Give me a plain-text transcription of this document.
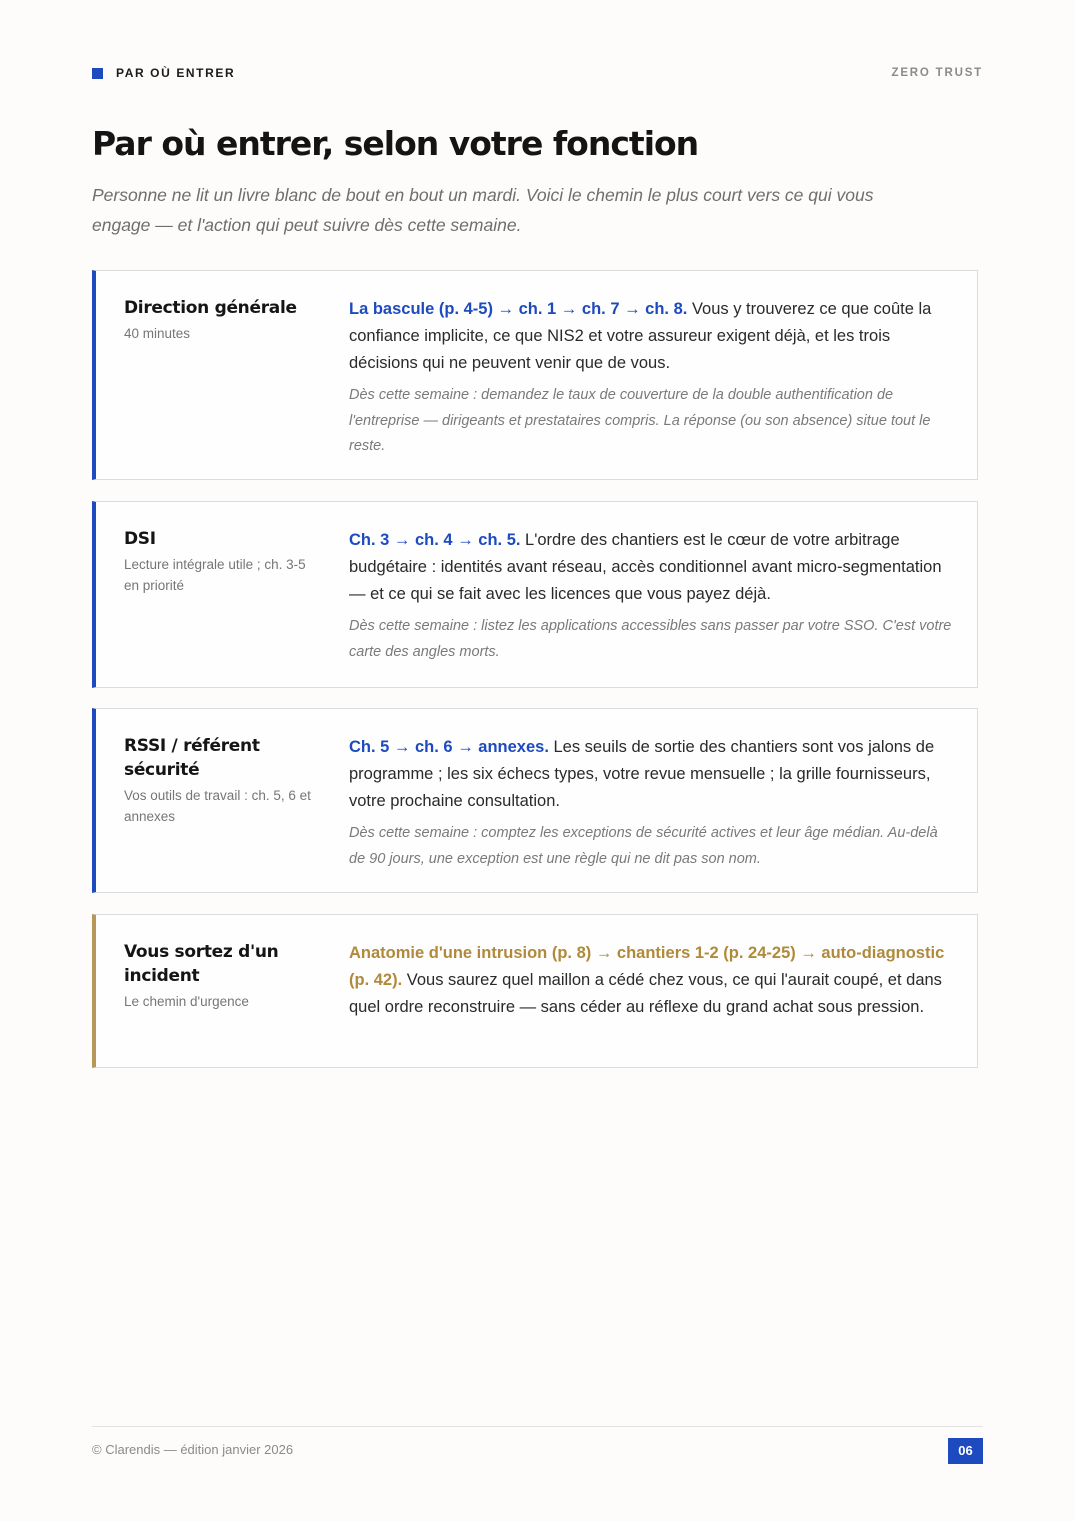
PAR OÙ ENTRER	ZERO TRUST
Par où entrer, selon votre fonction

Personne ne lit un livre blanc de bout en bout un mardi. Voici le chemin le plus court vers ce qui vous engage — et l'action qui peut suivre dès cette semaine.

Direction générale
40 minutes
La bascule (p. 4-5) → ch. 1 → ch. 7 → ch. 8. Vous y trouverez ce que coûte la confiance implicite, ce que NIS2 et votre assureur exigent déjà, et les trois décisions qui ne peuvent venir que de vous.
Dès cette semaine : demandez le taux de couverture de la double authentification de l'entreprise — dirigeants et prestataires compris. La réponse (ou son absence) situe tout le reste.
DSI
Lecture intégrale utile ; ch. 3-5 en priorité
Ch. 3 → ch. 4 → ch. 5. L'ordre des chantiers est le cœur de votre arbitrage budgétaire : identités avant réseau, accès conditionnel avant micro-segmentation — et ce qui se fait avec les licences que vous payez déjà.
Dès cette semaine : listez les applications accessibles sans passer par votre SSO. C'est votre carte des angles morts.
RSSI / référent sécurité
Vos outils de travail : ch. 5, 6 et annexes
Ch. 5 → ch. 6 → annexes. Les seuils de sortie des chantiers sont vos jalons de programme ; les six échecs types, votre revue mensuelle ; la grille fournisseurs, votre prochaine consultation.
Dès cette semaine : comptez les exceptions de sécurité actives et leur âge médian. Au-delà de 90 jours, une exception est une règle qui ne dit pas son nom.
Vous sortez d'un incident
Le chemin d'urgence
Anatomie d'une intrusion (p. 8) → chantiers 1-2 (p. 24-25) → auto-diagnostic (p. 42). Vous saurez quel maillon a cédé chez vous, ce qui l'aurait coupé, et dans quel ordre reconstruire — sans céder au réflexe du grand achat sous pression.
© Clarendis — édition janvier 2026	06
